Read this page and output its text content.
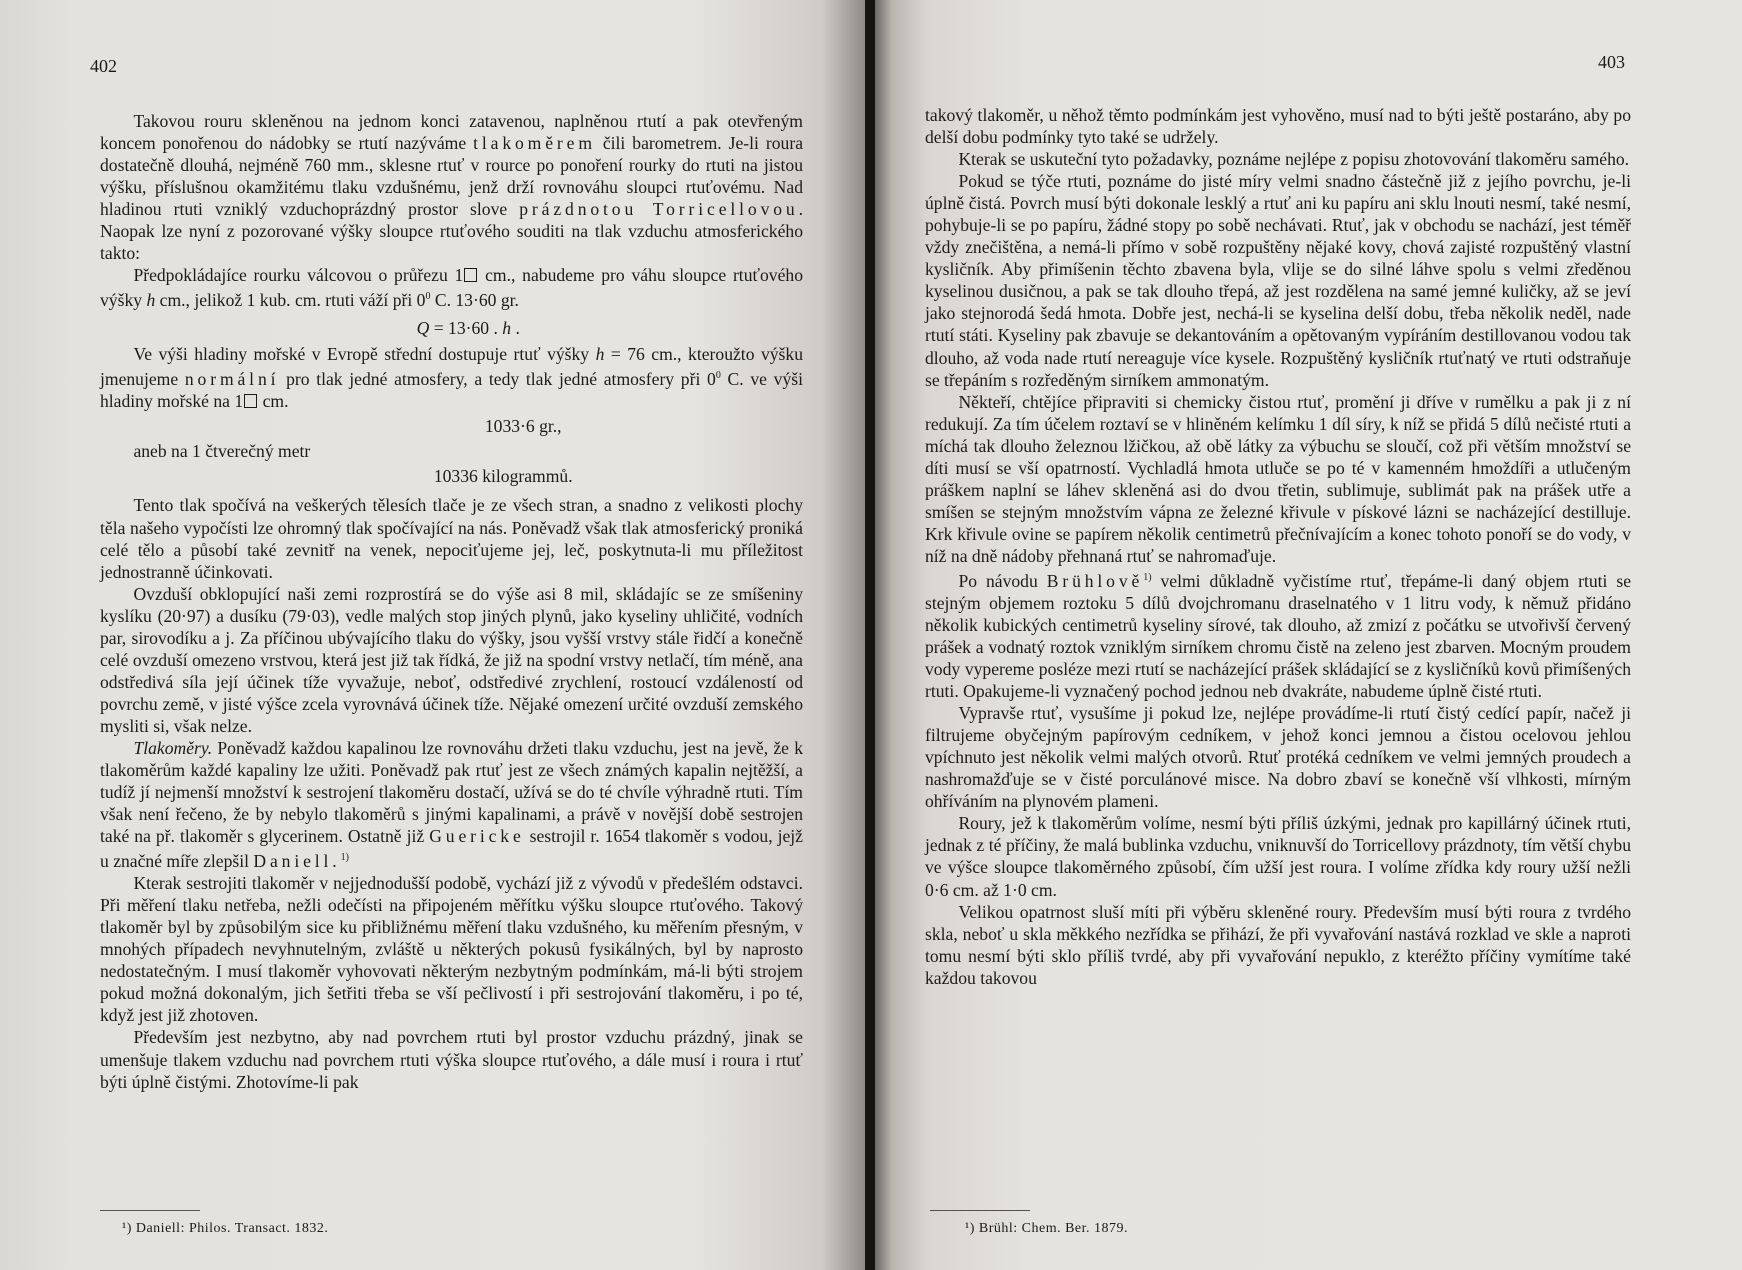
402

Takovou rouru skleněnou na jednom konci zatavenou, naplněnou rtutí a pak otevřeným koncem ponořenou do nádobky se rtutí nazýváme tlakoměrem čili barometrem. Je-li roura dostatečně dlouhá, nejméně 760 mm., sklesne rtuť v rource po ponoření rourky do rtuti na jistou výšku, příslušnou okamžitému tlaku vzdušnému, jenž drží rovnováhu sloupci rtuťovému. Nad hladinou rtuti vzniklý vzduchoprázdný prostor slove prázdnotou Torricellovou. Naopak lze nyní z pozorované výšky sloupce rtuťového souditi na tlak vzduchu atmosferického takto:

Předpokládajíce rourku válcovou o průřezu 1 cm., nabudeme pro váhu sloupce rtuťového výšky h cm., jelikož 1 kub. cm. rtuti váží při $0^0$ C. 13·60 gr.

Q = 13·60 . h .

Ve výši hladiny mořské v Evropě střední dostupuje rtuť výšky h = 76 cm., kteroužto výšku jmenujeme normální pro tlak jedné atmosfery, a tedy tlak jedné atmosfery při $0^0$ C. ve výši hladiny mořské na 1 cm.

1033·6 gr.,

aneb na 1 čtverečný metr

10336 kilogrammů.

Tento tlak spočívá na veškerých tělesích tlače je ze všech stran, a snadno z velikosti plochy těla našeho vypočísti lze ohromný tlak spočívající na nás. Poněvadž však tlak atmosferický proniká celé tělo a působí také zevnitř na venek, nepociťujeme jej, leč, poskytnuta-li mu příležitost jednostranně účinkovati.

Ovzduší obklopující naši zemi rozprostírá se do výše asi 8 mil, skládajíc se ze smíšeniny kyslíku (20·97) a dusíku (79·03), vedle malých stop jiných plynů, jako kyseliny uhličité, vodních par, sirovodíku a j. Za příčinou ubývajícího tlaku do výšky, jsou vyšší vrstvy stále řidčí a konečně celé ovzduší omezeno vrstvou, která jest již tak řídká, že již na spodní vrstvy netlačí, tím méně, ana odstředivá síla její účinek tíže vyvažuje, neboť, odstředivé zrychlení, rostoucí vzdáleností od povrchu země, v jisté výšce zcela vyrovnává účinek tíže. Nějaké omezení určité ovzduší zemského mysliti si, však nelze.

Tlakoměry. Poněvadž každou kapalinou lze rovnováhu držeti tlaku vzduchu, jest na jevě, že k tlakoměrům každé kapaliny lze užiti. Poněvadž pak rtuť jest ze všech známých kapalin nejtěžší, a tudíž jí nejmenší množství k sestrojení tlakoměru dostačí, užívá se do té chvíle výhradně rtuti. Tím však není řečeno, že by nebylo tlakoměrů s jinými kapalinami, a právě v novější době sestrojen také na př. tlakoměr s glycerinem. Ostatně již Guericke sestrojil r. 1654 tlakoměr s vodou, jejž u značné míře zlepšil Daniell.$^{1)}$

Kterak sestrojiti tlakoměr v nejjednodušší podobě, vychází již z vývodů v předešlém odstavci. Při měření tlaku netřeba, nežli odečísti na připojeném měřítku výšku sloupce rtuťového. Takový tlakoměr byl by způsobilým sice ku přibližnému měření tlaku vzdušného, ku měřením přesným, v mnohých případech nevyhnutelným, zvláště u některých pokusů fysikálných, byl by naprosto nedostatečným. I musí tlakoměr vyhovovati některým nezbytným podmínkám, má-li býti strojem pokud možná dokonalým, jich šetřiti třeba se vší pečlivostí i při sestrojování tlakoměru, i po té, když jest již zhotoven.

Především jest nezbytno, aby nad povrchem rtuti byl prostor vzduchu prázdný, jinak se umenšuje tlakem vzduchu nad povrchem rtuti výška sloupce rtuťového, a dále musí i roura i rtuť býti úplně čistými. Zhotovíme-li pak

¹) Daniell: Philos. Transact. 1832.
403

takový tlakoměr, u něhož těmto podmínkám jest vyhověno, musí nad to býti ještě postaráno, aby po delší dobu podmínky tyto také se udržely.

Kterak se uskuteční tyto požadavky, poznáme nejlépe z popisu zhotovování tlakoměru samého.

Pokud se týče rtuti, poznáme do jisté míry velmi snadno částečně již z jejího povrchu, je-li úplně čistá. Povrch musí býti dokonale lesklý a rtuť ani ku papíru ani sklu lnouti nesmí, také nesmí, pohybuje-li se po papíru, žádné stopy po sobě nechávati. Rtuť, jak v obchodu se nachází, jest téměř vždy znečištěna, a nemá-li přímo v sobě rozpuštěny nějaké kovy, chová zajisté rozpuštěný vlastní kysličník. Aby přimíšenin těchto zbavena byla, vlije se do silné láhve spolu s velmi zředěnou kyselinou dusičnou, a pak se tak dlouho třepá, až jest rozdělena na samé jemné kuličky, až se jeví jako stejnorodá šedá hmota. Dobře jest, nechá-li se kyselina delší dobu, třeba několik neděl, nade rtutí státi. Kyseliny pak zbavuje se dekantováním a opětovaným vypíráním destillovanou vodou tak dlouho, až voda nade rtutí nereaguje více kysele. Rozpuštěný kysličník rtuťnatý ve rtuti odstraňuje se třepáním s rozředěným sirníkem ammonatým.

Někteří, chtějíce připraviti si chemicky čistou rtuť, promění ji dříve v rumělku a pak ji z ní redukují. Za tím účelem roztaví se v hliněném kelímku 1 díl síry, k níž se přidá 5 dílů nečisté rtuti a míchá tak dlouho železnou lžičkou, až obě látky za výbuchu se sloučí, což při větším množství se díti musí se vší opatrností. Vychladlá hmota utluče se po té v kamenném hmoždíři a utlučeným práškem naplní se láhev skleněná asi do dvou třetin, sublimuje, sublimát pak na prášek utře a smíšen se stejným množstvím vápna ze železné křivule v pískové lázni se nacházející destilluje. Krk křivule ovine se papírem několik centimetrů přečnívajícím a konec tohoto ponoří se do vody, v níž na dně nádoby přehnaná rtuť se nahromaďuje.

Po návodu Brühlově$^{1)}$ velmi důkladně vyčistíme rtuť, třepáme-li daný objem rtuti se stejným objemem roztoku 5 dílů dvojchromanu draselnatého v 1 litru vody, k němuž přidáno několik kubických centimetrů kyseliny sírové, tak dlouho, až zmizí z počátku se utvořivší červený prášek a vodnatý roztok vzniklým sirníkem chromu čistě na zeleno jest zbarven. Mocným proudem vody vypereme posléze mezi rtutí se nacházející prášek skládající se z kysličníků kovů přimíšených rtuti. Opakujeme-li vyznačený pochod jednou neb dvakráte, nabudeme úplně čisté rtuti.

Vypravše rtuť, vysušíme ji pokud lze, nejlépe provádíme-li rtutí čistý cedící papír, načež ji filtrujeme obyčejným papírovým cedníkem, v jehož konci jemnou a čistou ocelovou jehlou vpíchnuto jest několik velmi malých otvorů. Rtuť protéká cedníkem ve velmi jemných proudech a nashromažďuje se v čisté porculánové misce. Na dobro zbaví se konečně vší vlhkosti, mírným ohříváním na plynovém plameni.

Roury, jež k tlakoměrům volíme, nesmí býti příliš úzkými, jednak pro kapillárný účinek rtuti, jednak z té příčiny, že malá bublinka vzduchu, vniknuvší do Torricellovy prázdnoty, tím větší chybu ve výšce sloupce tlakoměrného způsobí, čím užší jest roura. I volíme zřídka kdy roury užší nežli 0·6 cm. až 1·0 cm.

Velikou opatrnost sluší míti při výběru skleněné roury. Především musí býti roura z tvrdého skla, neboť u skla měkkého nezřídka se přihází, že při vyvařování nastává rozklad ve skle a naproti tomu nesmí býti sklo příliš tvrdé, aby při vyvařování nepuklo, z kteréžto příčiny vymítíme také každou takovou

¹) Brühl: Chem. Ber. 1879.
